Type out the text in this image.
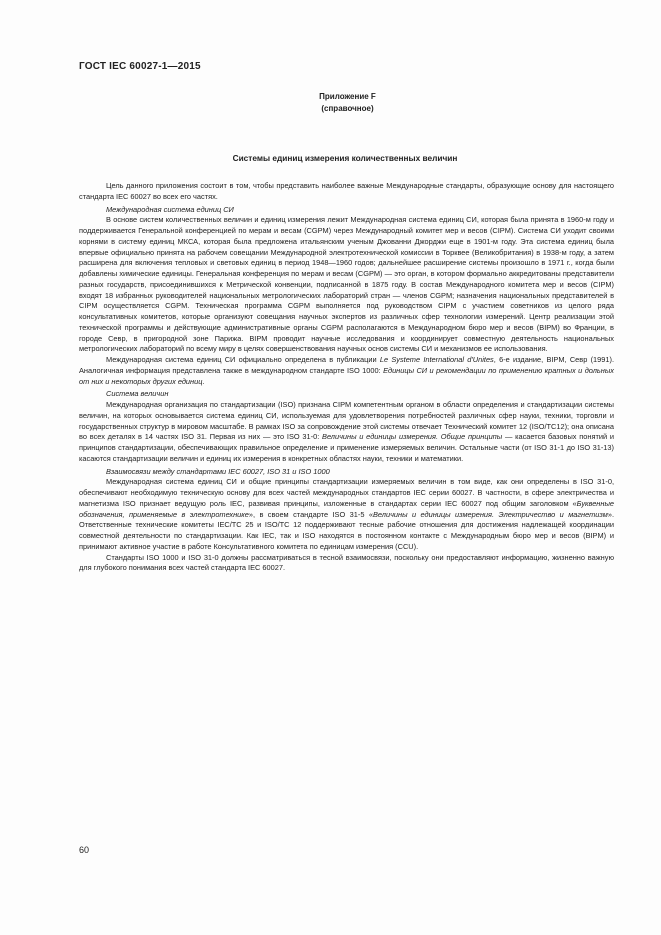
ГОСТ IEC 60027-1—2015
Приложение F
(справочное)
Системы единиц измерения количественных величин

Цель данного приложения состоит в том, чтобы представить наиболее важные Международные стандарты, образующие основу для настоящего стандарта IEC 60027 во всех его частях.

Международная система единиц СИ

В основе систем количественных величин и единиц измерения лежит Международная система единиц СИ, которая была принята в 1960-м году и поддерживается Генеральной конференцией по мерам и весам (CGPM) через Международный комитет мер и весов (CIPM). Система СИ уходит своими корнями в систему единиц МКСА, которая была предложена итальянским ученым Джованни Джорджи еще в 1901-м году. Эта система единиц была впервые официально принята на рабочем совещании Международной электротехнической комиссии в Торквее (Великобритания) в 1938-м году, а затем расширена для включения тепловых и световых единиц в период 1948—1960 годов; дальнейшее расширение системы произошло в 1971 г., когда были добавлены химические единицы. Генеральная конференция по мерам и весам (CGPM) — это орган, в котором формально аккредитованы представители разных государств, присоединившихся к Метрической конвенции, подписанной в 1875 году. В состав Международного комитета мер и весов (CIPM) входят 18 избранных руководителей национальных метрологических лабораторий стран — членов CGPM; назначения национальных представителей в CIPM осуществляется CGPM. Техническая программа CGPM выполняется под руководством CIPM с участием советников из целого ряда консультативных комитетов, которые организуют совещания научных экспертов из различных сфер технологии измерений. Центр реализации этой технической программы и действующие административные органы CGPM располагаются в Международном бюро мер и весов (BIPM) во Франции, в городе Севр, в пригородной зоне Парижа. BIPM проводит научные исследования и координирует совместную деятельность национальных метрологических лабораторий по всему миру в целях совершенствования научных основ системы СИ и механизмов ее использования.

Международная система единиц СИ официально определена в публикации Le Systeme International d'Unites, 6-е издание, BIPM, Севр (1991). Аналогичная информация представлена также в международном стандарте ISO 1000: Единицы СИ и рекомендации по применению кратных и дольных от них и некоторых других единиц.

Система величин

Международная организация по стандартизации (ISO) признана CIPM компетентным органом в области определения и стандартизации системы величин, на которых основывается система единиц СИ, используемая для удовлетворения потребностей различных сфер науки, техники, торговли и государственных структур в мировом масштабе. В рамках ISO за сопровождение этой системы отвечает Технический комитет 12 (ISO/TC12); она описана во всех деталях в 14 частях ISO 31. Первая из них — это ISO 31-0: Величины и единицы измерения. Общие принципы — касается базовых понятий и принципов стандартизации, обеспечивающих правильное определение и применение измеряемых величин. Остальные части (от ISO 31-1 до ISO 31-13) касаются стандартизации величин и единиц их измерения в конкретных областях науки, техники и математики.

Взаимосвязи между стандартами IEC 60027, ISO 31 и ISO 1000

Международная система единиц СИ и общие принципы стандартизации измеряемых величин в том виде, как они определены в ISO 31-0, обеспечивают необходимую техническую основу для всех частей международных стандартов IEC серии 60027. В частности, в сфере электричества и магнетизма ISO признает ведущую роль IEC, развивая принципы, изложенные в стандартах серии IEC 60027 под общим заголовком «Буквенные обозначения, применяемые в электротехнике», в своем стандарте ISO 31-5 «Величины и единицы измерения. Электричество и магнетизм». Ответственные технические комитеты IEC/TC 25 и ISO/TC 12 поддерживают тесные рабочие отношения для достижения надлежащей координации совместной деятельности по стандартизации. Как IEC, так и ISO находятся в постоянном контакте с Международным бюро мер и весов (BIPM) и принимают активное участие в работе Консультативного комитета по единицам измерения (CCU).

Стандарты ISO 1000 и ISO 31-0 должны рассматриваться в тесной взаимосвязи, поскольку они предоставляют информацию, жизненно важную для глубокого понимания всех частей стандарта IEC 60027.

60
